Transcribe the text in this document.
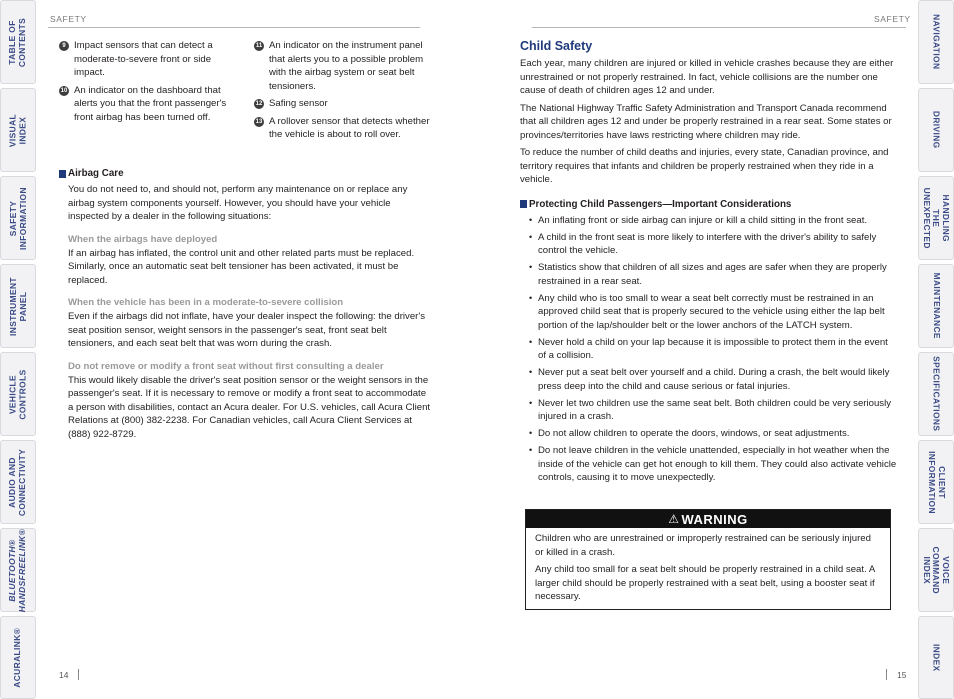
TABLE OF
CONTENTS
VISUAL INDEX
SAFETY
INFORMATION
INSTRUMENT
PANEL
VEHICLE
CONTROLS
AUDIO AND
CONNECTIVITY
BLUETOOTH®
HANDSFREELINK®
ACURALINK®
NAVIGATION
DRIVING
HANDLING THE
UNEXPECTED
MAINTENANCE
SPECIFICATIONS
CLIENT
INFORMATION
VOICE COMMAND
INDEX
INDEX
SAFETY
9 Impact sensors that can detect a moderate-to-severe front or side impact.
10 An indicator on the dashboard that alerts you that the front passenger's front airbag has been turned off.
11 An indicator on the instrument panel that alerts you to a possible problem with the airbag system or seat belt tensioners.
12 Safing sensor
13 A rollover sensor that detects whether the vehicle is about to roll over.
Airbag Care

You do not need to, and should not, perform any maintenance on or replace any airbag system components yourself. However, you should have your vehicle inspected by a dealer in the following situations:

When the airbags have deployed

If an airbag has inflated, the control unit and other related parts must be replaced. Similarly, once an automatic seat belt tensioner has been activated, it must be replaced.

When the vehicle has been in a moderate-to-severe collision

Even if the airbags did not inflate, have your dealer inspect the following: the driver's seat position sensor, weight sensors in the passenger's seat, front seat belt tensioners, and each seat belt that was worn during the crash.

Do not remove or modify a front seat without first consulting a dealer

This would likely disable the driver's seat position sensor or the weight sensors in the passenger's seat. If it is necessary to remove or modify a front seat to accommodate a person with disabilities, contact an Acura dealer. For U.S. vehicles, call Acura Client Relations at (800) 382-2238. For Canadian vehicles, call Acura Client Services at (888) 922-8729.

14
SAFETY
Child Safety

Each year, many children are injured or killed in vehicle crashes because they are either unrestrained or not properly restrained. In fact, vehicle collisions are the number one cause of death of children ages 12 and under.

The National Highway Traffic Safety Administration and Transport Canada recommend that all children ages 12 and under be properly restrained in a rear seat. Some states or provinces/territories have laws restricting where children may ride.

To reduce the number of child deaths and injuries, every state, Canadian province, and territory requires that infants and children be properly restrained when they ride in a vehicle.

Protecting Child Passengers—Important Considerations
• An inflating front or side airbag can injure or kill a child sitting in the front seat.
• A child in the front seat is more likely to interfere with the driver's ability to safely control the vehicle.
• Statistics show that children of all sizes and ages are safer when they are properly restrained in a rear seat.
• Any child who is too small to wear a seat belt correctly must be restrained in an approved child seat that is properly secured to the vehicle using either the lap belt portion of the lap/shoulder belt or the lower anchors of the LATCH system.
• Never hold a child on your lap because it is impossible to protect them in the event of a collision.
• Never put a seat belt over yourself and a child. During a crash, the belt would likely press deep into the child and cause serious or fatal injuries.
• Never let two children use the same seat belt. Both children could be very seriously injured in a crash.
• Do not allow children to operate the doors, windows, or seat adjustments.
• Do not leave children in the vehicle unattended, especially in hot weather when the inside of the vehicle can get hot enough to kill them. They could also activate vehicle controls, causing it to move unexpectedly.
⚠ WARNING

Children who are unrestrained or improperly restrained can be seriously injured or killed in a crash.

Any child too small for a seat belt should be properly restrained in a child seat. A larger child should be properly restrained with a seat belt, using a booster seat if necessary.

15
